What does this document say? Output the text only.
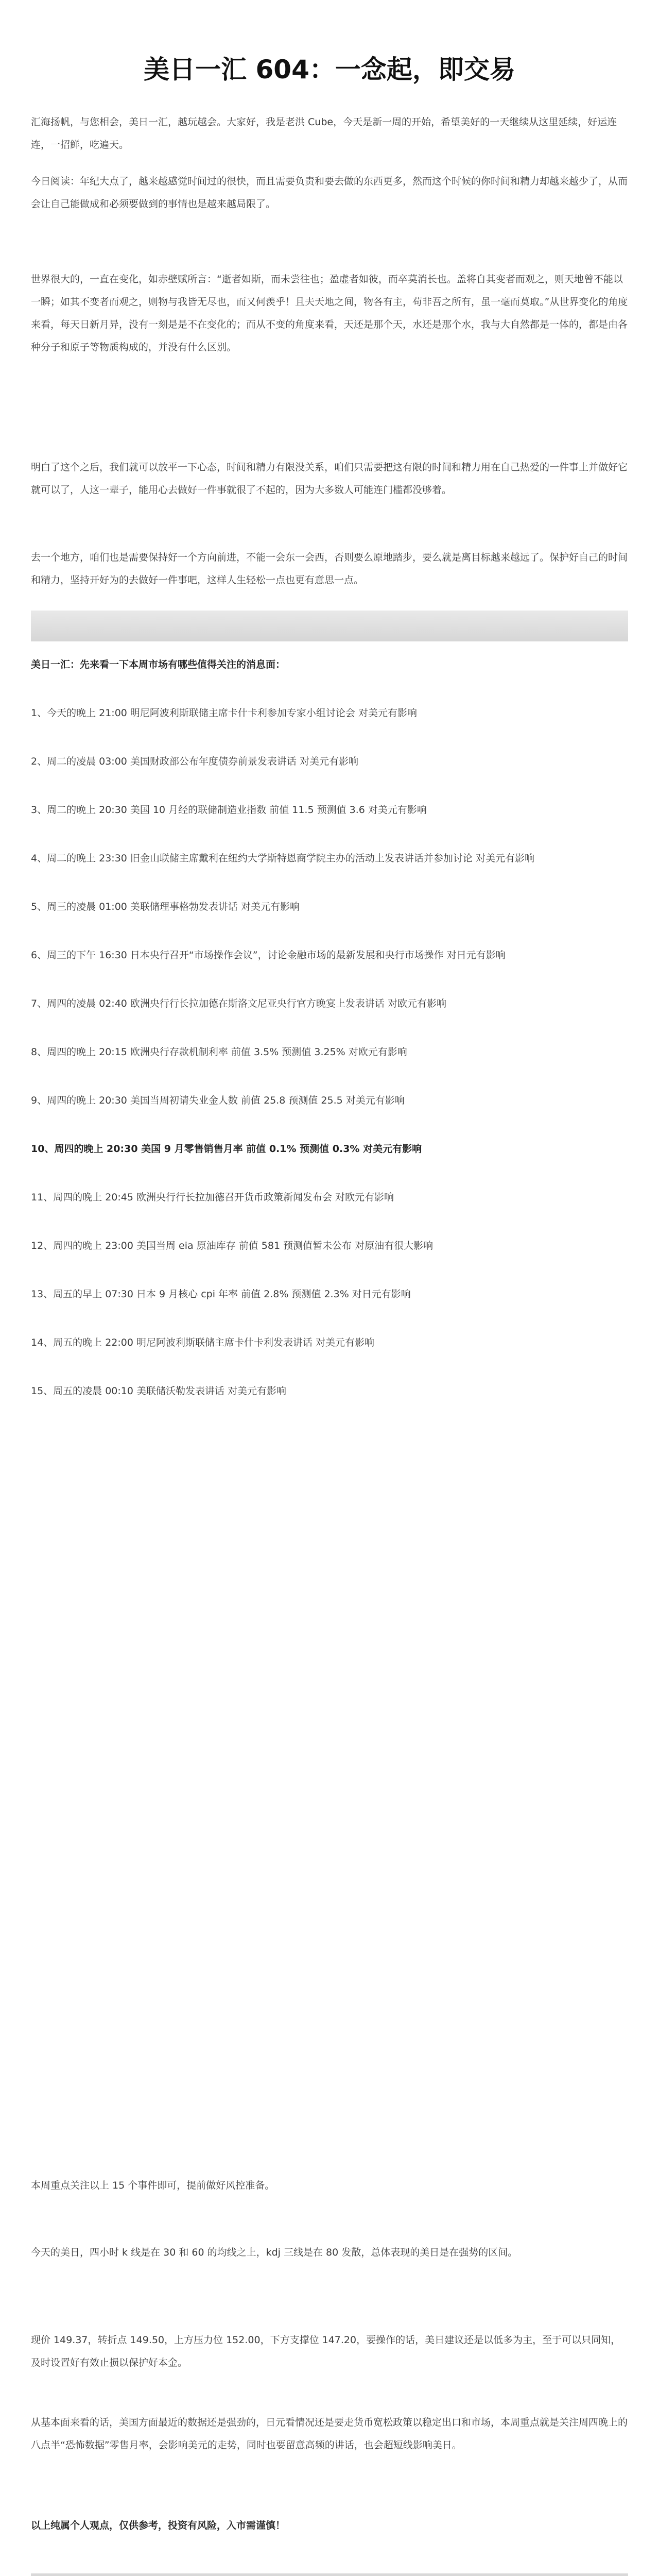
美日一汇 604：一念起，即交易

汇海扬帆，与您相会，美日一汇，越玩越会。大家好，我是老洪 Cube，今天是新一周的开始，希望美好的一天继续从这里延续，好运连连，一招鲜，吃遍天。

今日阅读：年纪大点了，越来越感觉时间过的很快，而且需要负责和要去做的东西更多，然而这个时候的你时间和精力却越来越少了，从而会让自己能做成和必须要做到的事情也是越来越局限了。

世界很大的，一直在变化，如赤壁赋所言：“逝者如斯，而未尝往也；盈虚者如彼，而卒莫消长也。盖将自其变者而观之，则天地曾不能以一瞬；如其不变者而观之，则物与我皆无尽也，而又何羡乎！且夫天地之间，物各有主，苟非吾之所有，虽一毫而莫取。”从世界变化的角度来看，每天日新月异，没有一刻是是不在变化的；而从不变的角度来看，天还是那个天，水还是那个水，我与大自然都是一体的，都是由各种分子和原子等物质构成的，并没有什么区别。

明白了这个之后，我们就可以放平一下心态，时间和精力有限没关系，咱们只需要把这有限的时间和精力用在自己热爱的一件事上并做好它就可以了，人这一辈子，能用心去做好一件事就很了不起的，因为大多数人可能连门槛都没够着。

去一个地方，咱们也是需要保持好一个方向前进，不能一会东一会西，否则要么原地踏步，要么就是离目标越来越远了。保护好自己的时间和精力，坚持开好为的去做好一件事吧，这样人生轻松一点也更有意思一点。

美日一汇：先来看一下本周市场有哪些值得关注的消息面：

1、今天的晚上 21:00 明尼阿波利斯联储主席卡什卡利参加专家小组讨论会 对美元有影响

2、周二的凌晨 03:00 美国财政部公布年度债券前景发表讲话 对美元有影响

3、周二的晚上 20:30 美国 10 月经的联储制造业指数 前值 11.5 预测值 3.6 对美元有影响

4、周二的晚上 23:30 旧金山联储主席戴利在纽约大学斯特恩商学院主办的活动上发表讲话并参加讨论 对美元有影响

5、周三的凌晨 01:00 美联储理事格勃发表讲话 对美元有影响

6、周三的下午 16:30 日本央行召开“市场操作会议”，讨论金融市场的最新发展和央行市场操作 对日元有影响

7、周四的凌晨 02:40 欧洲央行行长拉加德在斯洛文尼亚央行官方晚宴上发表讲话 对欧元有影响

8、周四的晚上 20:15 欧洲央行存款机制利率 前值 3.5% 预测值 3.25% 对欧元有影响

9、周四的晚上 20:30 美国当周初请失业金人数 前值 25.8 预测值 25.5 对美元有影响

10、周四的晚上 20:30 美国 9 月零售销售月率 前值 0.1% 预测值 0.3% 对美元有影响

11、周四的晚上 20:45 欧洲央行行长拉加德召开货币政策新闻发布会 对欧元有影响

12、周四的晚上 23:00 美国当周 eia 原油库存 前值 581 预测值暂未公布 对原油有很大影响

13、周五的早上 07:30 日本 9 月核心 cpi 年率 前值 2.8% 预测值 2.3% 对日元有影响

14、周五的晚上 22:00 明尼阿波利斯联储主席卡什卡利发表讲话 对美元有影响

15、周五的凌晨 00:10 美联储沃勒发表讲话 对美元有影响

本周重点关注以上 15 个事件即可，提前做好风控准备。

今天的美日，四小时 k 线是在 30 和 60 的均线之上，kdj 三线是在 80 发散，总体表现的美日是在强势的区间。

现价 149.37，转折点 149.50，上方压力位 152.00，下方支撑位 147.20，要操作的话，美日建议还是以低多为主，至于可以只同知，及时设置好有效止损以保护好本金。

从基本面来看的话，美国方面最近的数据还是强劲的，日元看情况还是要走货币宽松政策以稳定出口和市场，本周重点就是关注周四晚上的八点半“恐怖数据”零售月率，会影响美元的走势，同时也要留意高频的讲话，也会超短线影响美日。

以上纯属个人观点，仅供参考，投资有风险，入市需谨慎！
